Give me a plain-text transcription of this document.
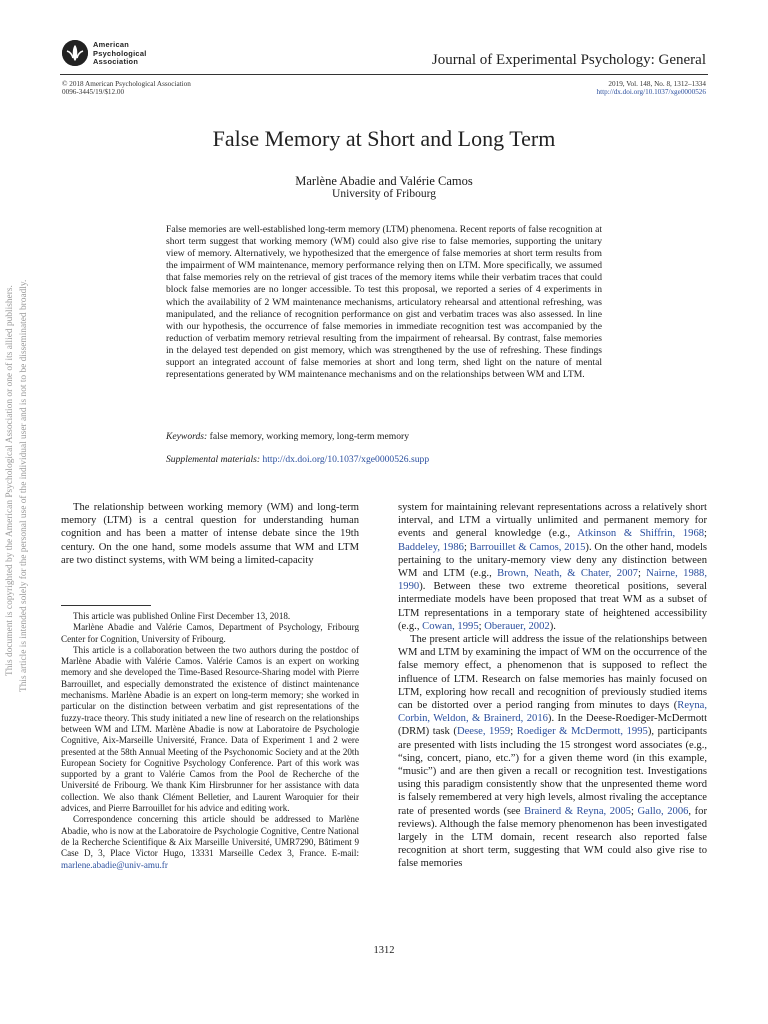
American
Psychological
Association	Journal of Experimental Psychology: General
© 2018 American Psychological Association
0096-3445/19/$12.00
2019, Vol. 148, No. 8, 1312–1334
http://dx.doi.org/10.1037/xge0000526
False Memory at Short and Long Term
Marlène Abadie and Valérie Camos
University of Fribourg
False memories are well-established long-term memory (LTM) phenomena. Recent reports of false recognition at short term suggest that working memory (WM) could also give rise to false memories, supporting the unitary view of memory. Alternatively, we hypothesized that the emergence of false memories at short term results from the impairment of WM maintenance, memory performance relying then on LTM. More specifically, we assumed that false memories rely on the retrieval of gist traces of the memory items while their verbatim traces that could block false memories are no longer accessible. To test this proposal, we reported a series of 4 experiments in which the availability of 2 WM maintenance mechanisms, articulatory rehearsal and attentional refreshing, was manipulated, and the reliance of recognition performance on gist and verbatim traces was also assessed. In line with our hypothesis, the occurrence of false memories in immediate recognition test was accompanied by the reduction of verbatim memory retrieval resulting from the impairment of rehearsal. By contrast, false memories in the delayed test depended on gist memory, which was strengthened by the use of refreshing. These findings support an integrated account of false memories at short and long term, shed light on the nature of mental representations generated by WM maintenance mechanisms and on the relationships between WM and LTM.
Keywords: false memory, working memory, long-term memory
Supplemental materials: http://dx.doi.org/10.1037/xge0000526.supp

The relationship between working memory (WM) and long-term memory (LTM) is a central question for understanding human cognition and has been a matter of intense debate since the 19th century. On the one hand, some models assume that WM and LTM are two distinct systems, with WM being a limited-capacity

This article was published Online First December 13, 2018.

Marlène Abadie and Valérie Camos, Department of Psychology, Fribourg Center for Cognition, University of Fribourg.

This article is a collaboration between the two authors during the postdoc of Marlène Abadie with Valérie Camos. Valérie Camos is an expert on working memory and she developed the Time-Based Resource-Sharing model with Pierre Barrouillet, and especially demonstrated the existence of distinct maintenance mechanisms. Marlène Abadie is an expert on long-term memory; she worked in particular on the distinction between verbatim and gist representations of the fuzzy-trace theory. This study initiated a new line of research on the relationships between WM and LTM. Marlène Abadie is now at Laboratoire de Psychologie Cognitive, Aix-Marseille Université, France. Data of Experiment 1 and 2 were presented at the 58th Annual Meeting of the Psychonomic Society and at the 20th European Society for Cognitive Psychology Conference. Part of this work was supported by a grant to Valérie Camos from the Pool de Recherche of the Université de Fribourg. We thank Kim Hirsbrunner for her assistance with data collection. We also thank Clément Belletier, and Laurent Waroquier for their advices, and Pierre Barrouillet for his advice and editing work.

Correspondence concerning this article should be addressed to Marlène Abadie, who is now at the Laboratoire de Psychologie Cognitive, Centre National de la Recherche Scientifique & Aix Marseille Université, UMR7290, Bâtiment 9 Case D, 3, Place Victor Hugo, 13331 Marseille Cedex 3, France. E-mail: marlene.abadie@univ-amu.fr

system for maintaining relevant representations across a relatively short interval, and LTM a virtually unlimited and permanent memory for events and general knowledge (e.g., Atkinson & Shiffrin, 1968; Baddeley, 1986; Barrouillet & Camos, 2015). On the other hand, models pertaining to the unitary-memory view deny any distinction between WM and LTM (e.g., Brown, Neath, & Chater, 2007; Nairne, 1988, 1990). Between these two extreme theoretical positions, several intermediate models have been proposed that treat WM as a subset of LTM representations in a temporary state of heightened accessibility (e.g., Cowan, 1995; Oberauer, 2002).

The present article will address the issue of the relationships between WM and LTM by examining the impact of WM on the occurrence of the false memory effect, a phenomenon that is supposed to reflect the influence of LTM. Research on false memories has mainly focused on LTM, exploring how recall and recognition of previously studied items can be distorted over a period ranging from minutes to days (Reyna, Corbin, Weldon, & Brainerd, 2016). In the Deese-Roediger-McDermott (DRM) task (Deese, 1959; Roediger & McDermott, 1995), participants are presented with lists including the 15 strongest word associates (e.g., “sing, concert, piano, etc.”) for a given theme word (in this example, “music”) and are then given a recall or recognition test. Investigations using this paradigm consistently show that the unpresented theme word is falsely remembered at very high levels, almost rivaling the acceptance rate of presented words (see Brainerd & Reyna, 2005; Gallo, 2006, for reviews). Although the false memory phenomenon has been investigated largely in the LTM domain, recent research also reported false recognition at short term, suggesting that WM could also give rise to false memories

1312
This document is copyrighted by the American Psychological Association or one of its allied publishers. This article is intended solely for the personal use of the individual user and is not to be disseminated broadly.
